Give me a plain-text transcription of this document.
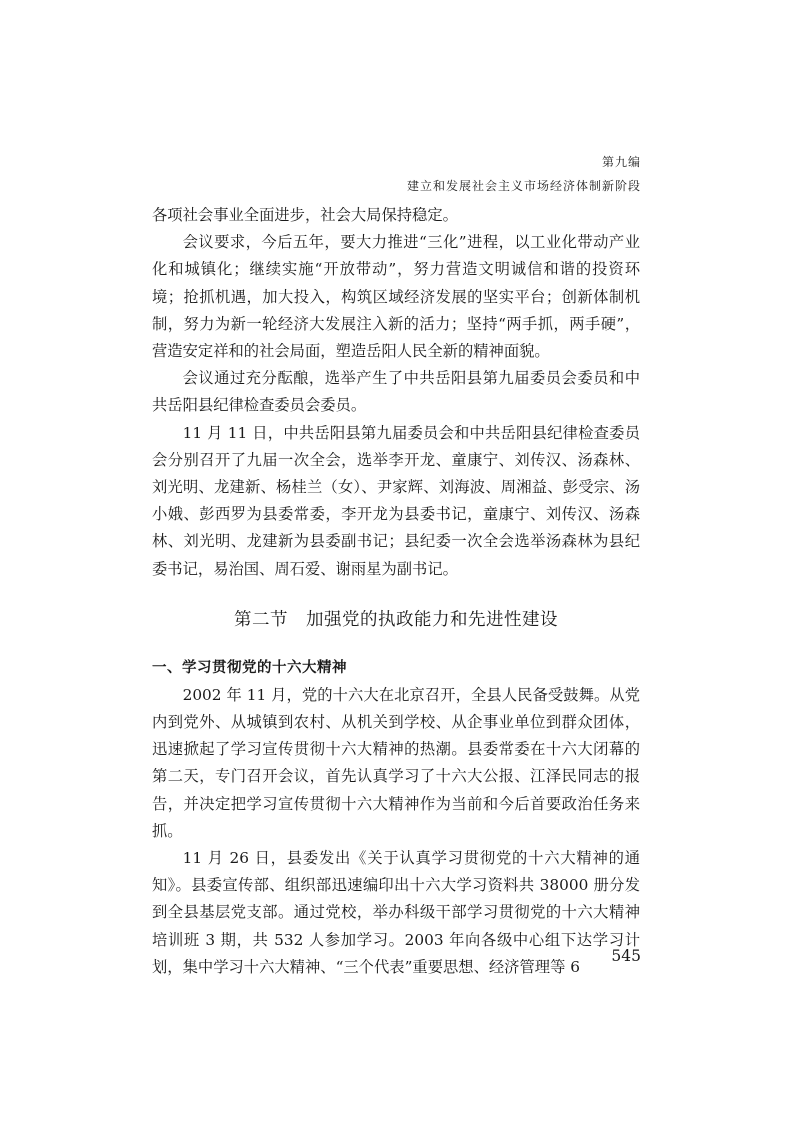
第九编
建立和发展社会主义市场经济体制新阶段

各项社会事业全面进步，社会大局保持稳定。

会议要求，今后五年，要大力推进“三化”进程，以工业化带动产业化和城镇化；继续实施“开放带动”，努力营造文明诚信和谐的投资环境；抢抓机遇，加大投入，构筑区域经济发展的坚实平台；创新体制机制，努力为新一轮经济大发展注入新的活力；坚持“两手抓，两手硬”，营造安定祥和的社会局面，塑造岳阳人民全新的精神面貌。

会议通过充分酝酿，选举产生了中共岳阳县第九届委员会委员和中共岳阳县纪律检查委员会委员。

11 月 11 日，中共岳阳县第九届委员会和中共岳阳县纪律检查委员会分别召开了九届一次全会，选举李开龙、童康宁、刘传汉、汤森林、刘光明、龙建新、杨桂兰（女）、尹家辉、刘海波、周湘益、彭受宗、汤小娥、彭西罗为县委常委，李开龙为县委书记，童康宁、刘传汉、汤森林、刘光明、龙建新为县委副书记；县纪委一次全会选举汤森林为县纪委书记，易治国、周石爱、谢雨星为副书记。

第二节　加强党的执政能力和先进性建设
一、学习贯彻党的十六大精神

2002 年 11 月，党的十六大在北京召开，全县人民备受鼓舞。从党内到党外、从城镇到农村、从机关到学校、从企事业单位到群众团体，迅速掀起了学习宣传贯彻十六大精神的热潮。县委常委在十六大闭幕的第二天，专门召开会议，首先认真学习了十六大公报、江泽民同志的报告，并决定把学习宣传贯彻十六大精神作为当前和今后首要政治任务来抓。

11 月 26 日，县委发出《关于认真学习贯彻党的十六大精神的通知》。县委宣传部、组织部迅速编印出十六大学习资料共 38000 册分发到全县基层党支部。通过党校，举办科级干部学习贯彻党的十六大精神培训班 3 期，共 532 人参加学习。2003 年向各级中心组下达学习计划，集中学习十六大精神、“三个代表”重要思想、经济管理等 6

545
